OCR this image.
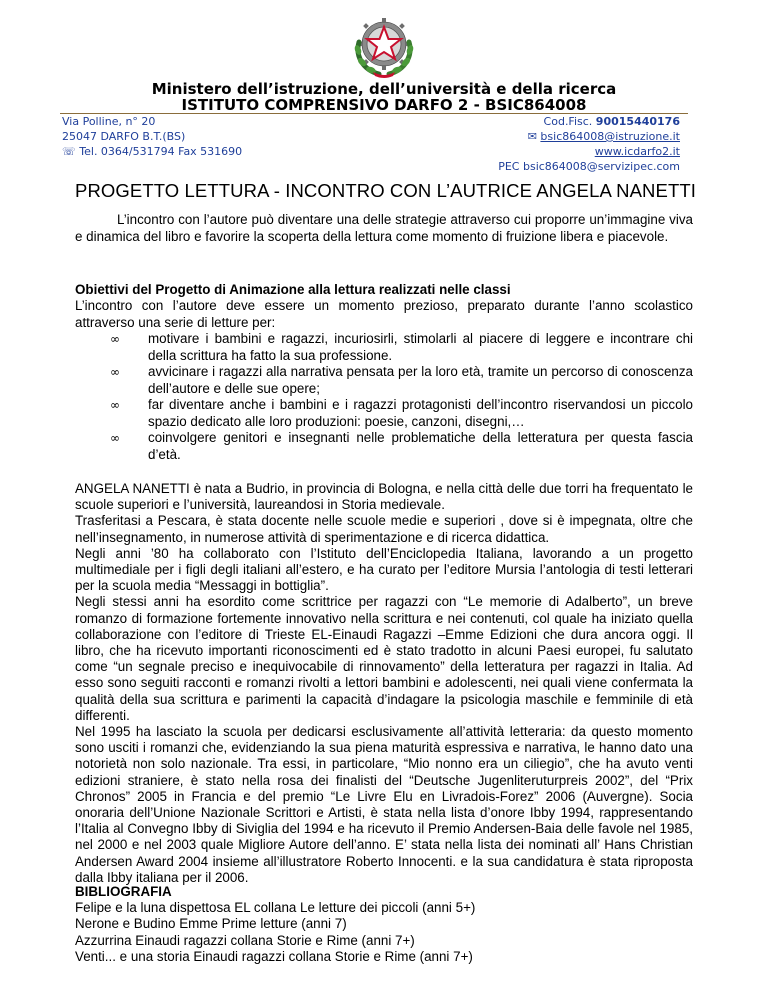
Ministero dell’istruzione, dell’università e della ricerca
ISTITUTO COMPRENSIVO DARFO 2 - BSIC864008
Via Polline, n° 20
25047 DARFO B.T.(BS)
☏ Tel. 0364/531794 Fax 531690
Cod.Fisc. 90015440176
✉ bsic864008@istruzione.it
www.icdarfo2.it
PEC bsic864008@servizipec.com
PROGETTO LETTURA - INCONTRO CON L’AUTRICE ANGELA NANETTI
L’incontro con l’autore può diventare una delle strategie attraverso cui proporre un’immagine viva e dinamica del libro e favorire la scoperta della lettura come momento di fruizione libera e piacevole.
Obiettivi del Progetto di Animazione alla lettura realizzati nelle classi
L’incontro con l’autore deve essere un momento prezioso, preparato durante l’anno scolastico attraverso una serie di letture per:
∞ motivare i bambini e ragazzi, incuriosirli, stimolarli al piacere di leggere e incontrare chi della scrittura ha fatto la sua professione.
∞ avvicinare i ragazzi alla narrativa pensata per la loro età, tramite un percorso di conoscenza dell’autore e delle sue opere;
∞ far diventare anche i bambini e i ragazzi protagonisti dell’incontro riservandosi un piccolo spazio dedicato alle loro produzioni: poesie, canzoni, disegni,…
∞ coinvolgere genitori e insegnanti nelle problematiche della letteratura per questa fascia d’età.

ANGELA NANETTI è nata a Budrio, in provincia di Bologna, e nella città delle due torri ha frequentato le scuole superiori e l’università, laureandosi in Storia medievale.

Trasferitasi a Pescara, è stata docente nelle scuole medie e superiori , dove si è impegnata, oltre che nell’insegnamento, in numerose attività di sperimentazione e di ricerca didattica.

Negli anni ’80 ha collaborato con l’Istituto dell’Enciclopedia Italiana, lavorando a un progetto multimediale per i figli degli italiani all’estero, e ha curato per l’editore Mursia l’antologia di testi letterari per la scuola media “Messaggi in bottiglia”.

Negli stessi anni ha esordito come scrittrice per ragazzi con “Le memorie di Adalberto”, un breve romanzo di formazione fortemente innovativo nella scrittura e nei contenuti, col quale ha iniziato quella collaborazione con l’editore di Trieste EL-Einaudi Ragazzi –Emme Edizioni che dura ancora oggi. Il libro, che ha ricevuto importanti riconoscimenti ed è stato tradotto in alcuni Paesi europei, fu salutato come “un segnale preciso e inequivocabile di rinnovamento” della letteratura per ragazzi in Italia. Ad esso sono seguiti racconti e romanzi rivolti a lettori bambini e adolescenti, nei quali viene confermata la qualità della sua scrittura e parimenti la capacità d’indagare la psicologia maschile e femminile di età differenti.

Nel 1995 ha lasciato la scuola per dedicarsi esclusivamente all’attività letteraria: da questo momento sono usciti i romanzi che, evidenziando la sua piena maturità espressiva e narrativa, le hanno dato una notorietà non solo nazionale. Tra essi, in particolare, “Mio nonno era un ciliegio”, che ha avuto venti edizioni straniere, è stato nella rosa dei finalisti del “Deutsche Jugenliteruturpreis 2002”, del “Prix Chronos” 2005 in Francia e del premio “Le Livre Elu en Livradois-Forez” 2006 (Auvergne). Socia onoraria dell’Unione Nazionale Scrittori e Artisti, è stata nella lista d’onore Ibby 1994, rappresentando l’Italia al Convegno Ibby di Siviglia del 1994 e ha ricevuto il Premio Andersen-Baia delle favole nel 1985, nel 2000 e nel 2003 quale Migliore Autore dell’anno. E’ stata nella lista dei nominati all’ Hans Christian Andersen Award 2004 insieme all’illustratore Roberto Innocenti. e la sua candidatura è stata riproposta dalla Ibby italiana per il 2006.

BIBLIOGRAFIA
Felipe e la luna dispettosa EL collana Le letture dei piccoli (anni 5+)
Nerone e Budino Emme Prime letture (anni 7)
Azzurrina Einaudi ragazzi collana Storie e Rime (anni 7+)
Venti... e una storia Einaudi ragazzi collana Storie e Rime (anni 7+)
